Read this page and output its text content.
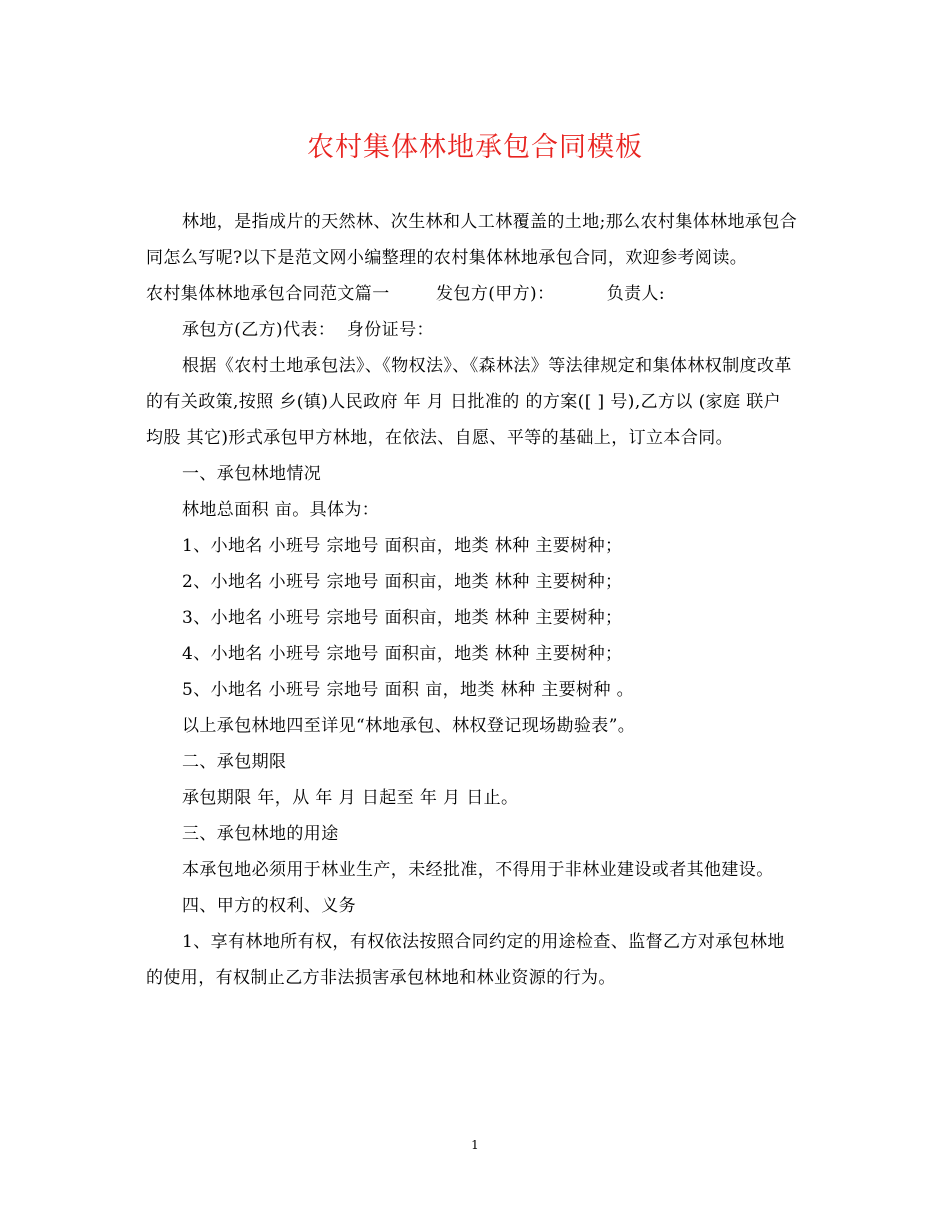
农村集体林地承包合同模板

林地，是指成片的天然林、次生林和人工林覆盖的土地;那么农村集体林地承包合同怎么写呢?以下是范文网小编整理的农村集体林地承包合同，欢迎参考阅读。

农村集体林地承包合同范文篇一        发包方(甲方)：         负责人:

承包方(乙方)代表：  身份证号：

根据《农村土地承包法》、《物权法》、《森林法》等法律规定和集体林权制度改革的有关政策,按照 乡(镇)人民政府 年 月 日批准的 的方案([ ] 号),乙方以 (家庭 联户 均股 其它)形式承包甲方林地，在依法、自愿、平等的基础上，订立本合同。

一、承包林地情况

林地总面积 亩。具体为：

1、小地名 小班号 宗地号 面积亩，地类 林种 主要树种；

2、小地名 小班号 宗地号 面积亩，地类 林种 主要树种；

3、小地名 小班号 宗地号 面积亩，地类 林种 主要树种；

4、小地名 小班号 宗地号 面积亩，地类 林种 主要树种；

5、小地名 小班号 宗地号 面积 亩，地类 林种 主要树种 。

以上承包林地四至详见“林地承包、林权登记现场勘验表”。

二、承包期限

承包期限 年，从 年 月 日起至 年 月 日止。

三、承包林地的用途

本承包地必须用于林业生产，未经批准，不得用于非林业建设或者其他建设。

四、甲方的权利、义务

1、享有林地所有权，有权依法按照合同约定的用途检查、监督乙方对承包林地的使用，有权制止乙方非法损害承包林地和林业资源的行为。

1
